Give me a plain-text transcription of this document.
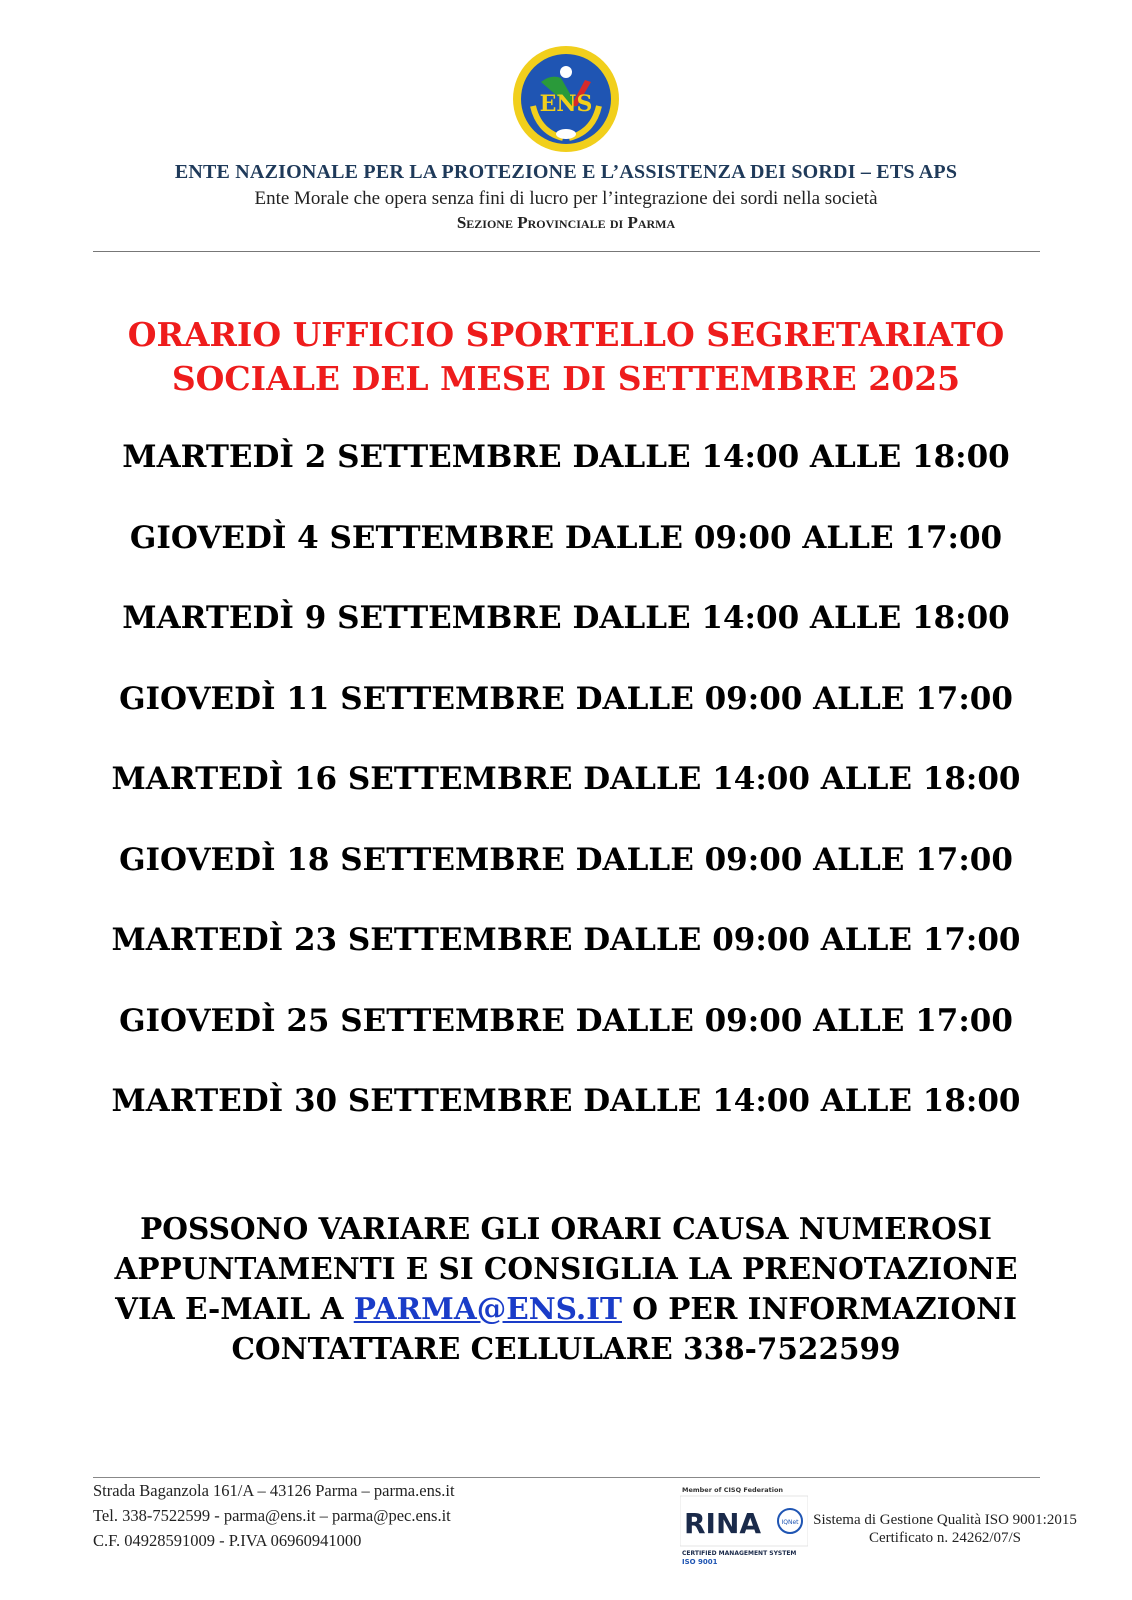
ENS
ENTE NAZIONALE PER LA PROTEZIONE E L’ASSISTENZA DEI SORDI – ETS APS
Ente Morale che opera senza fini di lucro per l’integrazione dei sordi nella società
Sezione Provinciale di Parma
ORARIO UFFICIO SPORTELLO SEGRETARIATO
SOCIALE DEL MESE DI SETTEMBRE 2025
MARTEDÌ 2 SETTEMBRE DALLE 14:00 ALLE 18:00
GIOVEDÌ 4 SETTEMBRE DALLE 09:00 ALLE 17:00
MARTEDÌ 9 SETTEMBRE DALLE 14:00 ALLE 18:00
GIOVEDÌ 11 SETTEMBRE DALLE 09:00 ALLE 17:00
MARTEDÌ 16 SETTEMBRE DALLE 14:00 ALLE 18:00
GIOVEDÌ 18 SETTEMBRE DALLE 09:00 ALLE 17:00
MARTEDÌ 23 SETTEMBRE DALLE 09:00 ALLE 17:00
GIOVEDÌ 25 SETTEMBRE DALLE 09:00 ALLE 17:00
MARTEDÌ 30 SETTEMBRE DALLE 14:00 ALLE 18:00
POSSONO VARIARE GLI ORARI CAUSA NUMEROSI
APPUNTAMENTI E SI CONSIGLIA LA PRENOTAZIONE
VIA E-MAIL A PARMA@ENS.IT O PER INFORMAZIONI
CONTATTARE CELLULARE 338-7522599
Strada Baganzola 161/A – 43126 Parma – parma.ens.it
Tel. 338-7522599 - parma@ens.it – parma@pec.ens.it
C.F. 04928591009 - P.IVA 06960941000
Member of CISQ Federation
RINA	IQNet
CERTIFIED MANAGEMENT SYSTEM
ISO 9001
Sistema di Gestione Qualità ISO 9001:2015
Certificato n. 24262/07/S
